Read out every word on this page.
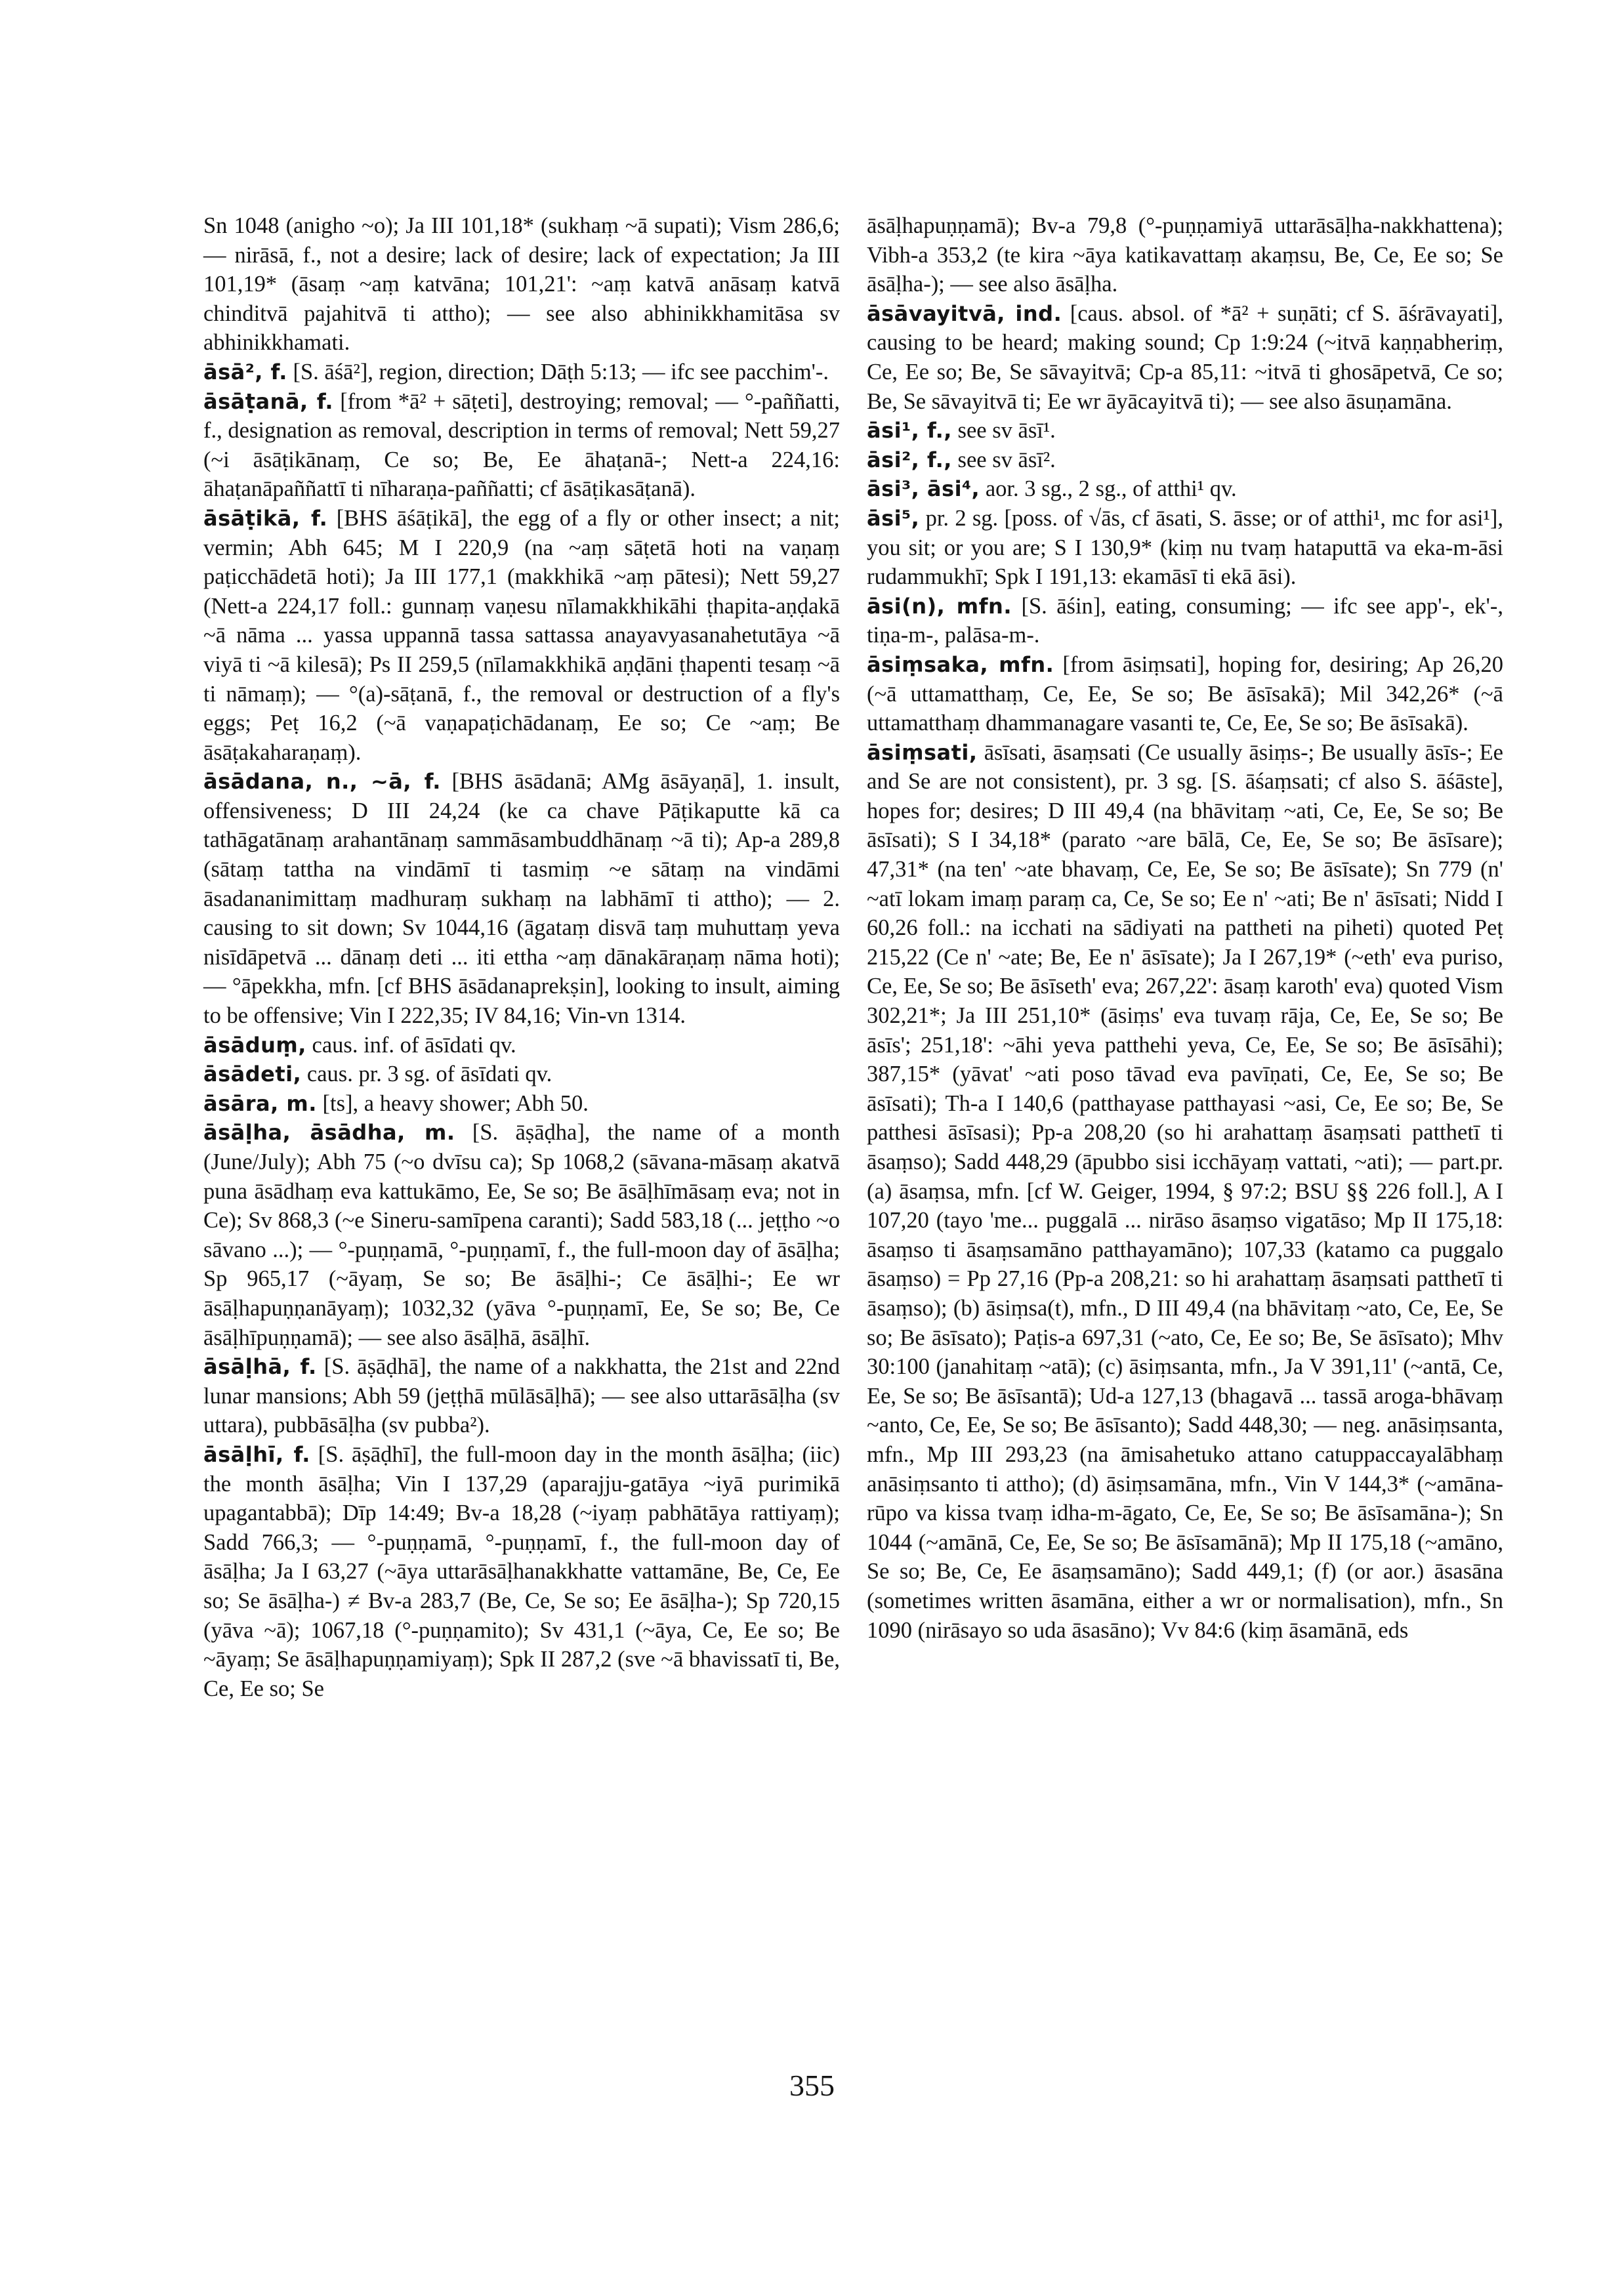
Sn 1048 (anigho ~o); Ja III 101,18* (sukhaṃ ~ā supati); Vism 286,6; — nirāsā, f., not a desire; lack of desire; lack of expectation; Ja III 101,19* (āsaṃ ~aṃ katvāna; 101,21': ~aṃ katvā anāsaṃ katvā chinditvā pajahitvā ti attho); — see also abhinikkhamitāsa sv abhinikkhamati.

āsā², f. [S. āśā²], region, direction; Dāṭh 5:13; — ifc see pacchim'-.

āsāṭanā, f. [from *ā² + sāṭeti], destroying; removal; — °-paññatti, f., designation as removal, description in terms of removal; Nett 59,27 (~i āsāṭikānaṃ, Ce so; Be, Ee āhaṭanā-; Nett-a 224,16: āhaṭanāpaññattī ti nīharaṇa-paññatti; cf āsāṭikasāṭanā).

āsāṭikā, f. [BHS āśāṭikā], the egg of a fly or other insect; a nit; vermin; Abh 645; M I 220,9 (na ~aṃ sāṭetā hoti na vaṇaṃ paṭicchādetā hoti); Ja III 177,1 (makkhikā ~aṃ pātesi); Nett 59,27 (Nett-a 224,17 foll.: gunnaṃ vaṇesu nīlamakkhikāhi ṭhapita-aṇḍakā ~ā nāma ... yassa uppannā tassa sattassa anayavyasanahetutāya ~ā viyā ti ~ā kilesā); Ps II 259,5 (nīlamakkhikā aṇḍāni ṭhapenti tesaṃ ~ā ti nāmaṃ); — °(a)-sāṭanā, f., the removal or destruction of a fly's eggs; Peṭ 16,2 (~ā vaṇapaṭichādanaṃ, Ee so; Ce ~aṃ; Be āsāṭakaharaṇaṃ).

āsādana, n., ~ā, f. [BHS āsādanā; AMg āsāyaṇā], 1. insult, offensiveness; D III 24,24 (ke ca chave Pāṭikaputte kā ca tathāgatānaṃ arahantānaṃ sammāsambuddhānaṃ ~ā ti); Ap-a 289,8 (sātaṃ tattha na vindāmī ti tasmiṃ ~e sātaṃ na vindāmi āsadananimittaṃ madhuraṃ sukhaṃ na labhāmī ti attho); — 2. causing to sit down; Sv 1044,16 (āgataṃ disvā taṃ muhuttaṃ yeva nisīdāpetvā ... dānaṃ deti ... iti ettha ~aṃ dānakāraṇaṃ nāma hoti); — °āpekkha, mfn. [cf BHS āsādanaprekṣin], looking to insult, aiming to be offensive; Vin I 222,35; IV 84,16; Vin-vn 1314.

āsāduṃ, caus. inf. of āsīdati qv.

āsādeti, caus. pr. 3 sg. of āsīdati qv.

āsāra, m. [ts], a heavy shower; Abh 50.

āsāḷha, āsādha, m. [S. āṣāḍha], the name of a month (June/July); Abh 75 (~o dvīsu ca); Sp 1068,2 (sāvana-māsaṃ akatvā puna āsādhaṃ eva kattukāmo, Ee, Se so; Be āsāḷhīmāsaṃ eva; not in Ce); Sv 868,3 (~e Sineru-samīpena caranti); Sadd 583,18 (... jeṭṭho ~o sāvano ...); — °-puṇṇamā, °-puṇṇamī, f., the full-moon day of āsāḷha; Sp 965,17 (~āyaṃ, Se so; Be āsāḷhi-; Ce āsāḷhi-; Ee wr āsāḷhapuṇṇanāyaṃ); 1032,32 (yāva °-puṇṇamī, Ee, Se so; Be, Ce āsāḷhīpuṇṇamā); — see also āsāḷhā, āsāḷhī.

āsāḷhā, f. [S. āṣāḍhā], the name of a nakkhatta, the 21st and 22nd lunar mansions; Abh 59 (jeṭṭhā mūlāsāḷhā); — see also uttarāsāḷha (sv uttara), pubbāsāḷha (sv pubba²).

āsāḷhī, f. [S. āṣāḍhī], the full-moon day in the month āsāḷha; (iic) the month āsāḷha; Vin I 137,29 (aparajju-gatāya ~iyā purimikā upagantabbā); Dīp 14:49; Bv-a 18,28 (~iyaṃ pabhātāya rattiyaṃ); Sadd 766,3; — °-puṇṇamā, °-puṇṇamī, f., the full-moon day of āsāḷha; Ja I 63,27 (~āya uttarāsāḷhanakkhatte vattamāne, Be, Ce, Ee so; Se āsāḷha-) ≠ Bv-a 283,7 (Be, Ce, Se so; Ee āsāḷha-); Sp 720,15 (yāva ~ā); 1067,18 (°-puṇṇamito); Sv 431,1 (~āya, Ce, Ee so; Be ~āyaṃ; Se āsāḷhapuṇṇamiyaṃ); Spk II 287,2 (sve ~ā bhavissatī ti, Be, Ce, Ee so; Se

āsāḷhapuṇṇamā); Bv-a 79,8 (°-puṇṇamiyā uttarāsāḷha-nakkhattena); Vibh-a 353,2 (te kira ~āya katikavattaṃ akaṃsu, Be, Ce, Ee so; Se āsāḷha-); — see also āsāḷha.

āsāvayitvā, ind. [caus. absol. of *ā² + suṇāti; cf S. āśrāvayati], causing to be heard; making sound; Cp 1:9:24 (~itvā kaṇṇabheriṃ, Ce, Ee so; Be, Se sāvayitvā; Cp-a 85,11: ~itvā ti ghosāpetvā, Ce so; Be, Se sāvayitvā ti; Ee wr āyācayitvā ti); — see also āsuṇamāna.

āsi¹, f., see sv āsī¹.

āsi², f., see sv āsī².

āsi³, āsi⁴, aor. 3 sg., 2 sg., of atthi¹ qv.

āsi⁵, pr. 2 sg. [poss. of √ās, cf āsati, S. āsse; or of atthi¹, mc for asi¹], you sit; or you are; S I 130,9* (kiṃ nu tvaṃ hataputtā va eka-m-āsi rudammukhī; Spk I 191,13: ekamāsī ti ekā āsi).

āsi(n), mfn. [S. āśin], eating, consuming; — ifc see app'-, ek'-, tiṇa-m-, palāsa-m-.

āsiṃsaka, mfn. [from āsiṃsati], hoping for, desiring; Ap 26,20 (~ā uttamatthaṃ, Ce, Ee, Se so; Be āsīsakā); Mil 342,26* (~ā uttamatthaṃ dhammanagare vasanti te, Ce, Ee, Se so; Be āsīsakā).

āsiṃsati, āsīsati, āsaṃsati (Ce usually āsiṃs-; Be usually āsīs-; Ee and Se are not consistent), pr. 3 sg. [S. āśaṃsati; cf also S. āśāste], hopes for; desires; D III 49,4 (na bhāvitaṃ ~ati, Ce, Ee, Se so; Be āsīsati); S I 34,18* (parato ~are bālā, Ce, Ee, Se so; Be āsīsare); 47,31* (na ten' ~ate bhavaṃ, Ce, Ee, Se so; Be āsīsate); Sn 779 (n' ~atī lokam imaṃ paraṃ ca, Ce, Se so; Ee n' ~ati; Be n' āsīsati; Nidd I 60,26 foll.: na icchati na sādiyati na pattheti na piheti) quoted Peṭ 215,22 (Ce n' ~ate; Be, Ee n' āsīsate); Ja I 267,19* (~eth' eva puriso, Ce, Ee, Se so; Be āsīseth' eva; 267,22': āsaṃ karoth' eva) quoted Vism 302,21*; Ja III 251,10* (āsiṃs' eva tuvaṃ rāja, Ce, Ee, Se so; Be āsīs'; 251,18': ~āhi yeva patthehi yeva, Ce, Ee, Se so; Be āsīsāhi); 387,15* (yāvat' ~ati poso tāvad eva pavīṇati, Ce, Ee, Se so; Be āsīsati); Th-a I 140,6 (patthayase patthayasi ~asi, Ce, Ee so; Be, Se patthesi āsīsasi); Pp-a 208,20 (so hi arahattaṃ āsaṃsati patthetī ti āsaṃso); Sadd 448,29 (āpubbo sisi icchāyaṃ vattati, ~ati); — part.pr. (a) āsaṃsa, mfn. [cf W. Geiger, 1994, § 97:2; BSU §§ 226 foll.], A I 107,20 (tayo 'me... puggalā ... nirāso āsaṃso vigatāso; Mp II 175,18: āsaṃso ti āsaṃsamāno patthayamāno); 107,33 (katamo ca puggalo āsaṃso) = Pp 27,16 (Pp-a 208,21: so hi arahattaṃ āsaṃsati patthetī ti āsaṃso); (b) āsiṃsa(t), mfn., D III 49,4 (na bhāvitaṃ ~ato, Ce, Ee, Se so; Be āsīsato); Paṭis-a 697,31 (~ato, Ce, Ee so; Be, Se āsīsato); Mhv 30:100 (janahitaṃ ~atā); (c) āsiṃsanta, mfn., Ja V 391,11' (~antā, Ce, Ee, Se so; Be āsīsantā); Ud-a 127,13 (bhagavā ... tassā aroga-bhāvaṃ ~anto, Ce, Ee, Se so; Be āsīsanto); Sadd 448,30; — neg. anāsiṃsanta, mfn., Mp III 293,23 (na āmisahetuko attano catuppaccayalābhaṃ anāsiṃsanto ti attho); (d) āsiṃsamāna, mfn., Vin V 144,3* (~amāna-rūpo va kissa tvaṃ idha-m-āgato, Ce, Ee, Se so; Be āsīsamāna-); Sn 1044 (~amānā, Ce, Ee, Se so; Be āsīsamānā); Mp II 175,18 (~amāno, Se so; Be, Ce, Ee āsaṃsamāno); Sadd 449,1; (f) (or aor.) āsasāna (sometimes written āsamāna, either a wr or normalisation), mfn., Sn 1090 (nirāsayo so uda āsasāno); Vv 84:6 (kiṃ āsamānā, eds

355
